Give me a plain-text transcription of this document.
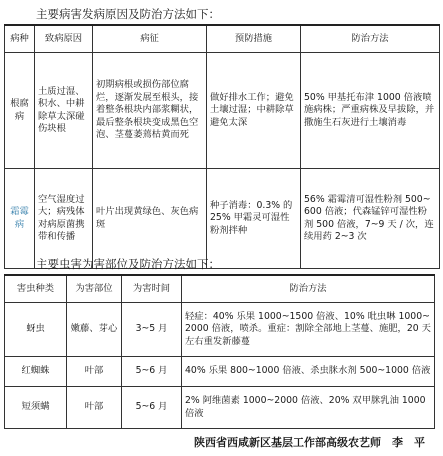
主要病害发病原因及防治方法如下：
病种	致病原因	病征	预防措施	防治方法
根腐病	土质过湿、积水、中耕除草太深碰伤块根	初期病根或损伤部位腐烂，逐渐发展至根头，接着整条根块内部浆糊状，最后整条根块变成黑色空泡、茎蔓萎蔫枯黄而死	做好排水工作；避免土壤过湿；中耕除草避免太深	50% 甲基托布津 1000 倍液喷施病株；严重病株及早拔除，并撒施生石灰进行土壤消毒
霜霉病	空气湿度过大；病残体对病原菌携带和传播	叶片出现黄绿色、灰色病斑	种子消毒：0.3% 的 25% 甲霜灵可湿性粉剂拌种	56% 霜霉清可湿性粉剂 500~600 倍液；代森锰锌可湿性粉剂 500 倍液，7~9 天 / 次，连续用药 2~3 次
主要虫害为害部位及防治方法如下：
害虫种类	为害部位	为害时间	防治方法
蚜虫	嫩藤、芽心	3~5 月	轻症：40% 乐果 1000~1500 倍液、10% 吡虫啉 1000~2000 倍液，喷杀。重症：割除全部地上茎蔓、施肥，20 天左右重发新藤蔓
红蜘蛛	叶部	5~6 月	40% 乐果 800~1000 倍液、杀虫脒水剂 500~1000 倍液
短须螨	叶部	5~6 月	2% 阿维菌素 1000~2000 倍液、20% 双甲脒乳油 1000 倍液
陕西省西咸新区基层工作部高级农艺师　李　平
